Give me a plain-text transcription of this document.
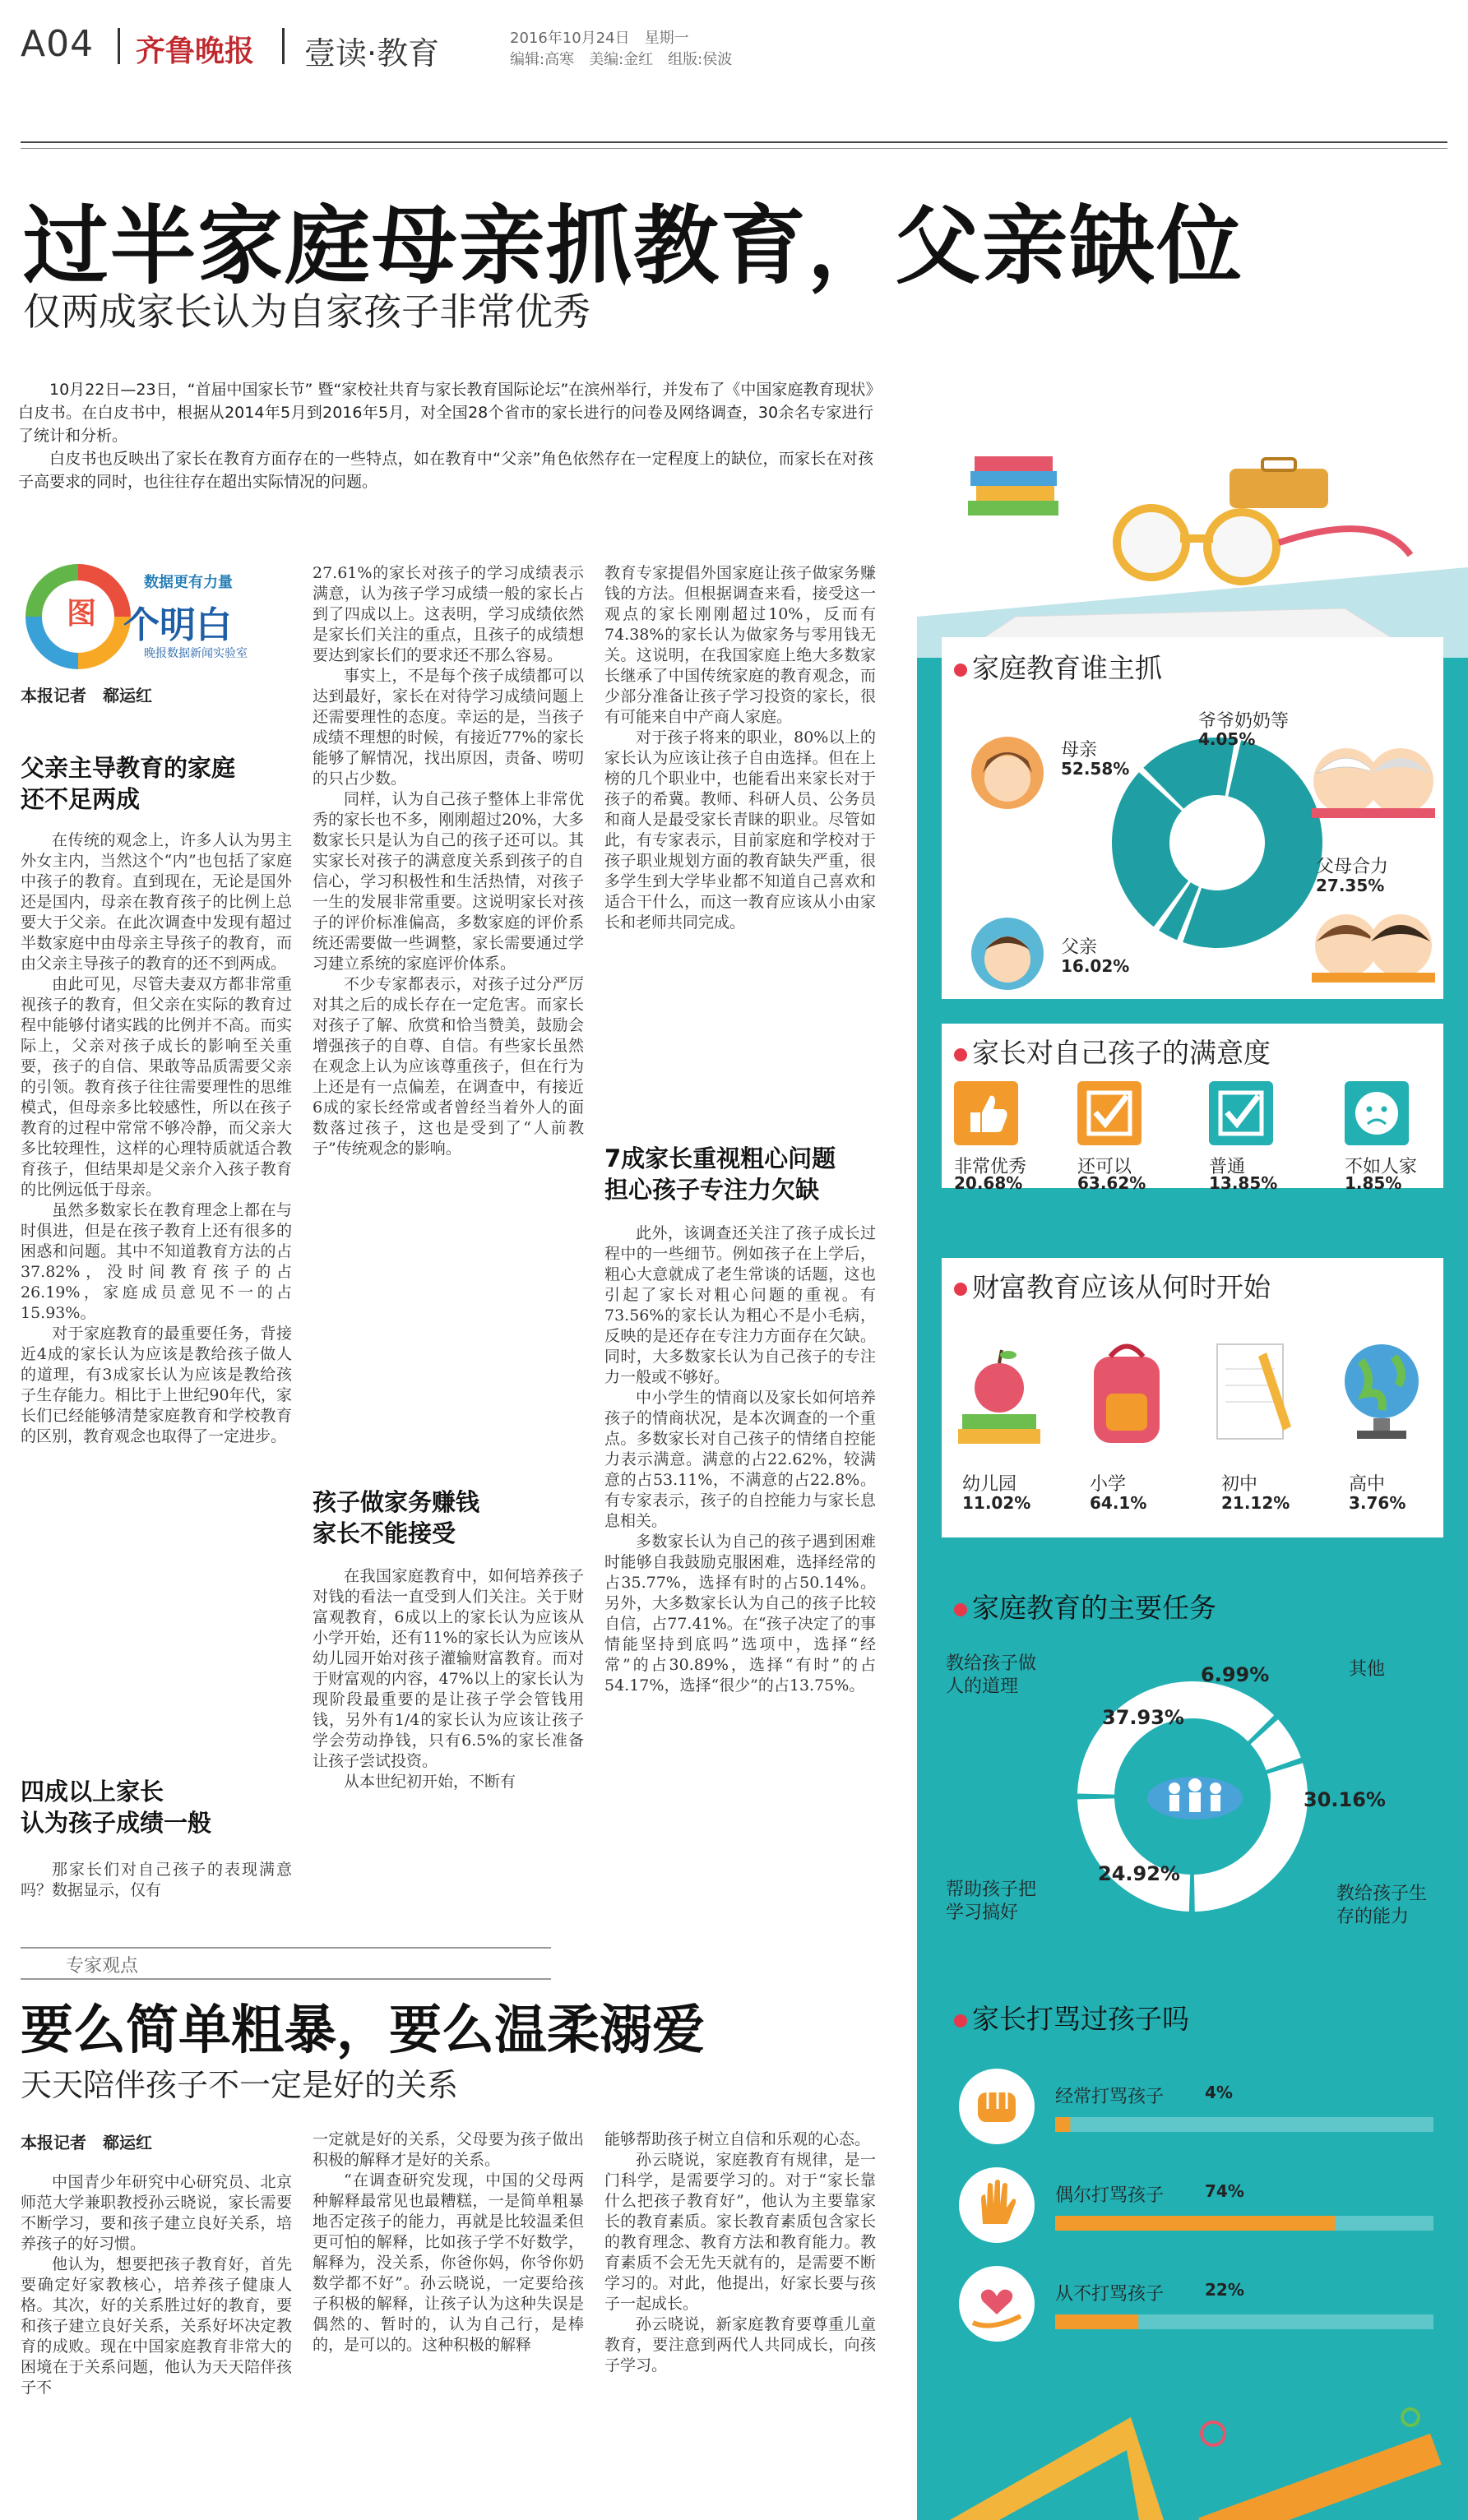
A04 齐鲁晚报 壹读·教育	2016年10月24日　星期一
编辑:高寒　美编:金红　组版:侯波
过半家庭母亲抓教育，父亲缺位
仅两成家长认为自家孩子非常优秀

10月22日—23日，“首届中国家长节” 暨“家校社共育与家长教育国际论坛”在滨州举行，并发布了《中国家庭教育现状》白皮书。在白皮书中，根据从2014年5月到2016年5月，对全国28个省市的家长进行的问卷及网络调查，30余名专家进行了统计和分析。

白皮书也反映出了家长在教育方面存在的一些特点，如在教育中“父亲”角色依然存在一定程度上的缺位，而家长在对孩子高要求的同时，也往往存在超出实际情况的问题。

图
数据更有力量
个明白
晚报数据新闻实验室
本报记者　郗运红
父亲主导教育的家庭
还不足两成

在传统的观念上，许多人认为男主外女主内，当然这个“内”也包括了家庭中孩子的教育。直到现在，无论是国外还是国内，母亲在教育孩子的比例上总要大于父亲。在此次调查中发现有超过半数家庭中由母亲主导孩子的教育，而由父亲主导孩子的教育的还不到两成。

由此可见，尽管夫妻双方都非常重视孩子的教育，但父亲在实际的教育过程中能够付诸实践的比例并不高。而实际上，父亲对孩子成长的影响至关重要，孩子的自信、果敢等品质需要父亲的引领。教育孩子往往需要理性的思维模式，但母亲多比较感性，所以在孩子教育的过程中常常不够冷静，而父亲大多比较理性，这样的心理特质就适合教育孩子，但结果却是父亲介入孩子教育的比例远低于母亲。

虽然多数家长在教育理念上都在与时俱进，但是在孩子教育上还有很多的困惑和问题。其中不知道教育方法的占37.82%，没时间教育孩子的占26.19%，家庭成员意见不一的占15.93%。

对于家庭教育的最重要任务，背接近4成的家长认为应该是教给孩子做人的道理，有3成家长认为应该是教给孩子生存能力。相比于上世纪90年代，家长们已经能够清楚家庭教育和学校教育的区别，教育观念也取得了一定进步。

四成以上家长
认为孩子成绩一般

那家长们对自己孩子的表现满意吗？数据显示，仅有

27.61%的家长对孩子的学习成绩表示满意，认为孩子学习成绩一般的家长占到了四成以上。这表明，学习成绩依然是家长们关注的重点，且孩子的成绩想要达到家长们的要求还不那么容易。

事实上，不是每个孩子成绩都可以达到最好，家长在对待学习成绩问题上还需要理性的态度。幸运的是，当孩子成绩不理想的时候，有接近77%的家长能够了解情况，找出原因，责备、唠叨的只占少数。

同样，认为自己孩子整体上非常优秀的家长也不多，刚刚超过20%，大多数家长只是认为自己的孩子还可以。其实家长对孩子的满意度关系到孩子的自信心，学习积极性和生活热情，对孩子一生的发展非常重要。这说明家长对孩子的评价标准偏高，多数家庭的评价系统还需要做一些调整，家长需要通过学习建立系统的家庭评价体系。

不少专家都表示，对孩子过分严厉对其之后的成长存在一定危害。而家长对孩子了解、欣赏和恰当赞美，鼓励会增强孩子的自尊、自信。有些家长虽然在观念上认为应该尊重孩子，但在行为上还是有一点偏差，在调查中，有接近6成的家长经常或者曾经当着外人的面数落过孩子，这也是受到了“人前教子”传统观念的影响。

孩子做家务赚钱
家长不能接受

在我国家庭教育中，如何培养孩子对钱的看法一直受到人们关注。关于财富观教育，6成以上的家长认为应该从小学开始，还有11%的家长认为应该从幼儿园开始对孩子灌输财富教育。而对于财富观的内容，47%以上的家长认为现阶段最重要的是让孩子学会管钱用钱，另外有1/4的家长认为应该让孩子学会劳动挣钱，只有6.5%的家长准备让孩子尝试投资。

从本世纪初开始，不断有

教育专家提倡外国家庭让孩子做家务赚钱的方法。但根据调查来看，接受这一观点的家长刚刚超过10%，反而有74.38%的家长认为做家务与零用钱无关。这说明，在我国家庭上绝大多数家长继承了中国传统家庭的教育观念，而少部分准备让孩子学习投资的家长，很有可能来自中产商人家庭。

对于孩子将来的职业，80%以上的家长认为应该让孩子自由选择。但在上榜的几个职业中，也能看出来家长对于孩子的希冀。教师、科研人员、公务员和商人是最受家长青睐的职业。尽管如此，有专家表示，目前家庭和学校对于孩子职业规划方面的教育缺失严重，很多学生到大学毕业都不知道自己喜欢和适合干什么，而这一教育应该从小由家长和老师共同完成。

7成家长重视粗心问题
担心孩子专注力欠缺

此外，该调查还关注了孩子成长过程中的一些细节。例如孩子在上学后，粗心大意就成了老生常谈的话题，这也引起了家长对粗心问题的重视。有73.56%的家长认为粗心不是小毛病，反映的是还存在专注力方面存在欠缺。同时，大多数家长认为自己孩子的专注力一般或不够好。

中小学生的情商以及家长如何培养孩子的情商状况，是本次调查的一个重点。多数家长对自己孩子的情绪自控能力表示满意。满意的占22.62%，较满意的占53.11%，不满意的占22.8%。有专家表示，孩子的自控能力与家长息息相关。

多数家长认为自己的孩子遇到困难时能够自我鼓励克服困难，选择经常的占35.77%，选择有时的占50.14%。另外，大多数家长认为自己的孩子比较自信，占77.41%。在“孩子决定了的事情能坚持到底吗”选项中，选择“经常”的占30.89%，选择“有时”的占54.17%，选择“很少”的占13.75%。

专家观点
要么简单粗暴，要么温柔溺爱
天天陪伴孩子不一定是好的关系
本报记者　郗运红

中国青少年研究中心研究员、北京师范大学兼职教授孙云晓说，家长需要不断学习，要和孩子建立良好关系，培养孩子的好习惯。

他认为，想要把孩子教育好，首先要确定好家教核心，培养孩子健康人格。其次，好的关系胜过好的教育，要和孩子建立良好关系，关系好坏决定教育的成败。现在中国家庭教育非常大的困境在于关系问题，他认为天天陪伴孩子不

一定就是好的关系，父母要为孩子做出积极的解释才是好的关系。

“在调查研究发现，中国的父母两种解释最常见也最糟糕，一是简单粗暴地否定孩子的能力，再就是比较温柔但更可怕的解释，比如孩子学不好数学，解释为，没关系，你爸你妈，你爷你奶数学都不好”。孙云晓说，一定要给孩子积极的解释，让孩子认为这种失误是偶然的、暂时的，认为自己行，是棒的，是可以的。这种积极的解释

能够帮助孩子树立自信和乐观的心态。

孙云晓说，家庭教育有规律，是一门科学，是需要学习的。对于“家长靠什么把孩子教育好”，他认为主要靠家长的教育素质。家长教育素质包含家长的教育理念、教育方法和教育能力。教育素质不会无先天就有的，是需要不断学习的。对此，他提出，好家长要与孩子一起成长。

孙云晓说，新家庭教育要尊重儿童教育，要注意到两代人共同成长，向孩子学习。

家庭教育谁主抓
母亲
52.58%
爷爷奶奶等
4.05%
父母合力
27.35%
父亲
16.02%
家长对自己孩子的满意度
非常优秀
20.68%
还可以
63.62%
普通
13.85%
不如人家
1.85%
财富教育应该从何时开始
幼儿园
11.02%
小学
64.1%
初中
21.12%
高中
3.76%
家庭教育的主要任务
教给孩子做人的道理
37.93%
其他
6.99%
教给孩子生存的能力
30.16%
帮助孩子把学习搞好
24.92%
家长打骂过孩子吗
经常打骂孩子 4%
偶尔打骂孩子 74%
从不打骂孩子 22%
